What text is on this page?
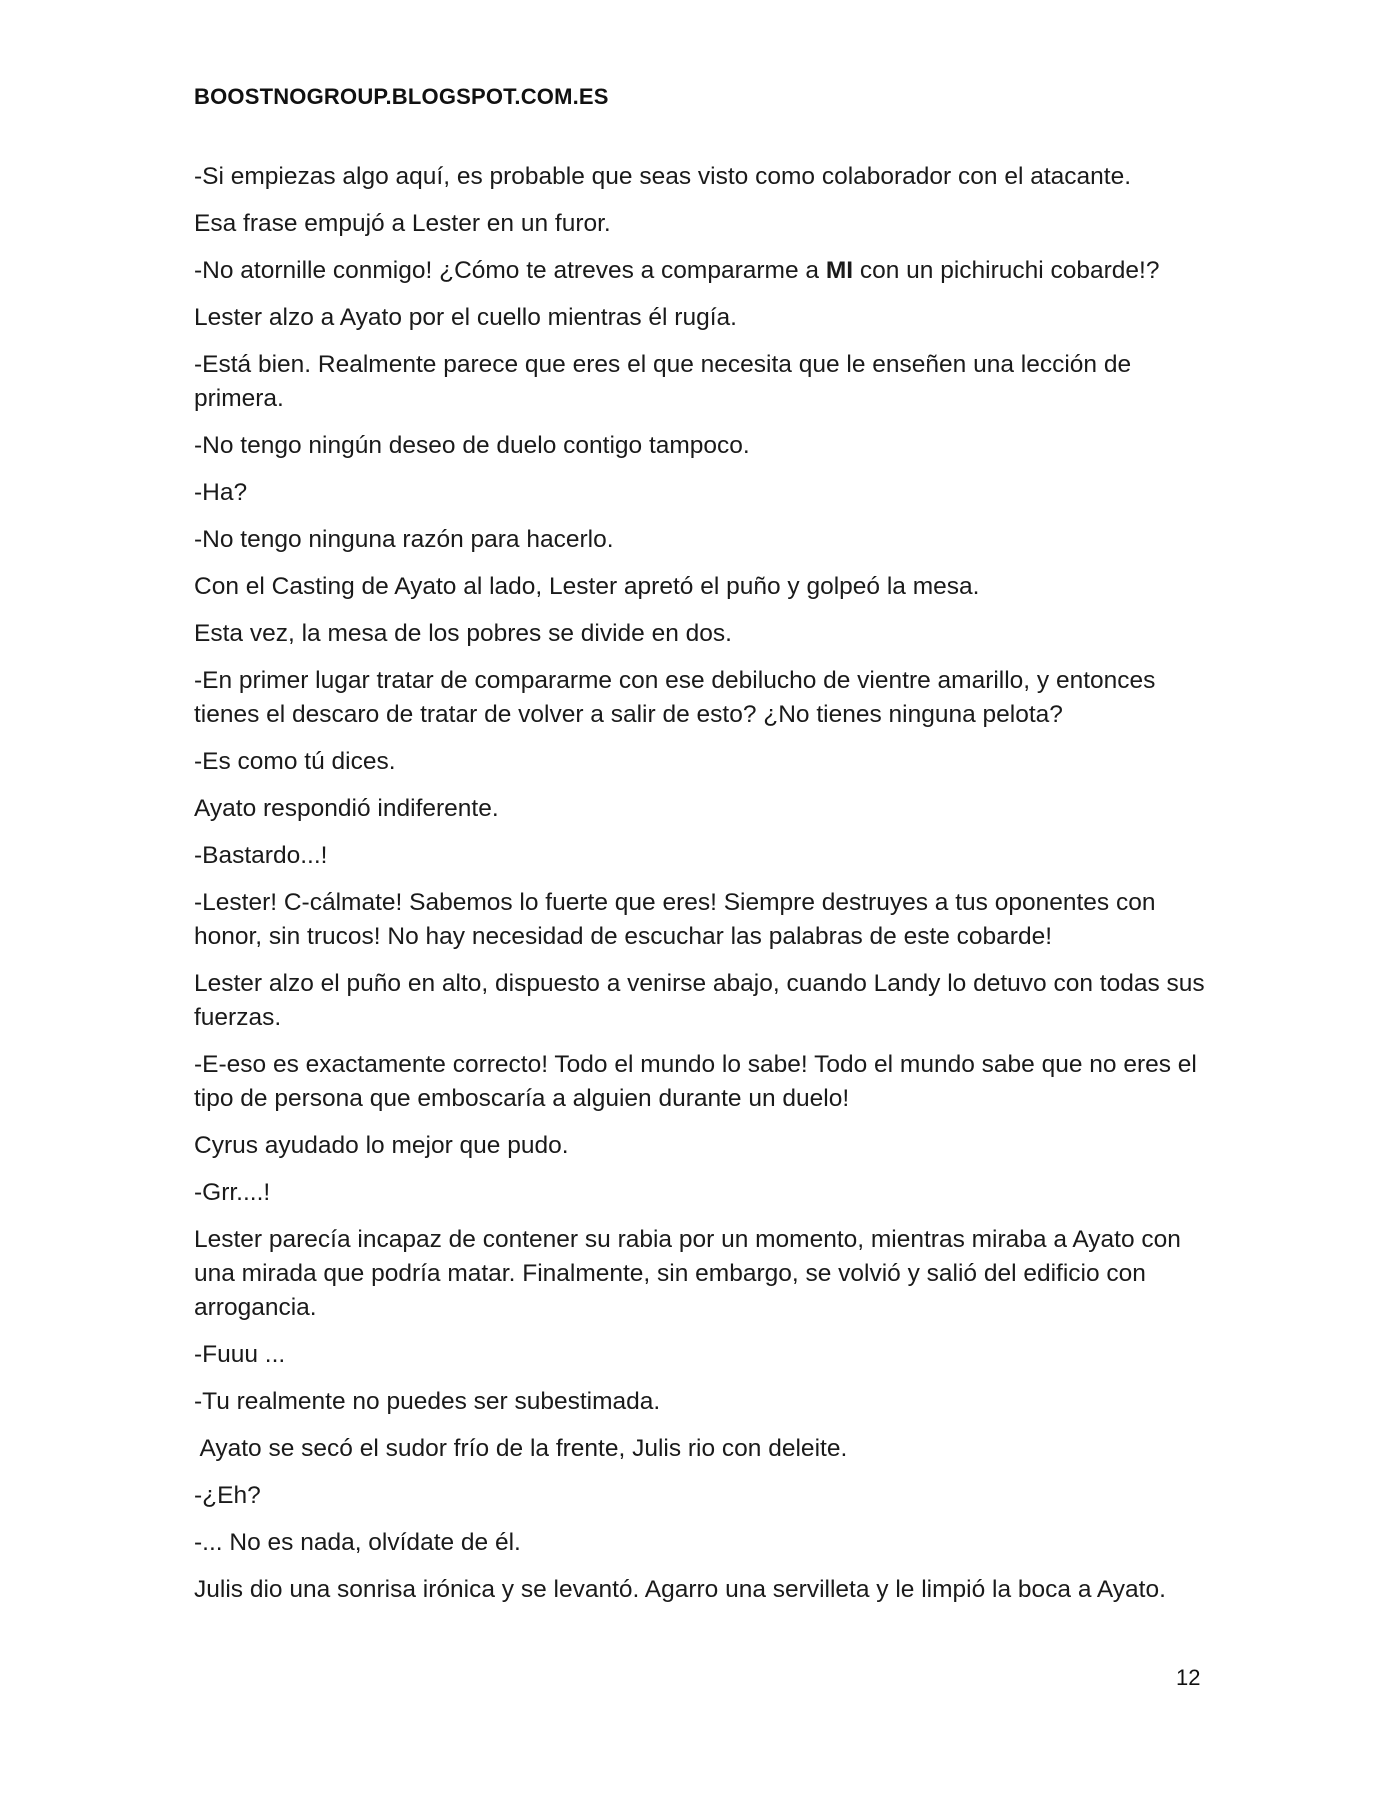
BOOSTNOGROUP.BLOGSPOT.COM.ES

-Si empiezas algo aquí, es probable que seas visto como colaborador con el atacante.

Esa frase empujó a Lester en un furor.

-No atornille conmigo! ¿Cómo te atreves a compararme a MI con un pichiruchi cobarde!?

Lester alzo a Ayato por el cuello mientras él rugía.

-Está bien. Realmente parece que eres el que necesita que le enseñen una lección de primera.

-No tengo ningún deseo de duelo contigo tampoco.

-Ha?

-No tengo ninguna razón para hacerlo.

Con el Casting de Ayato al lado, Lester apretó el puño y golpeó la mesa.

Esta vez, la mesa de los pobres se divide en dos.

-En primer lugar tratar de compararme con ese debilucho de vientre amarillo, y entonces tienes el descaro de tratar de volver a salir de esto? ¿No tienes ninguna pelota?

-Es como tú dices.

Ayato respondió indiferente.

-Bastardo...!

-Lester! C-cálmate! Sabemos lo fuerte que eres! Siempre destruyes a tus oponentes con honor, sin trucos! No hay necesidad de escuchar las palabras de este cobarde!

Lester alzo el puño en alto, dispuesto a venirse abajo, cuando Landy lo detuvo con todas sus fuerzas.

-E-eso es exactamente correcto! Todo el mundo lo sabe! Todo el mundo sabe que no eres el tipo de persona que emboscaría a alguien durante un duelo!

Cyrus ayudado lo mejor que pudo.

-Grr....!

Lester parecía incapaz de contener su rabia por un momento, mientras miraba a Ayato con una mirada que podría matar. Finalmente, sin embargo, se volvió y salió del edificio con arrogancia.

-Fuuu ...

-Tu realmente no puedes ser subestimada.

Ayato se secó el sudor frío de la frente, Julis rio con deleite.

-¿Eh?

-... No es nada, olvídate de él.

Julis dio una sonrisa irónica y se levantó. Agarro una servilleta y le limpió la boca a Ayato.

12
